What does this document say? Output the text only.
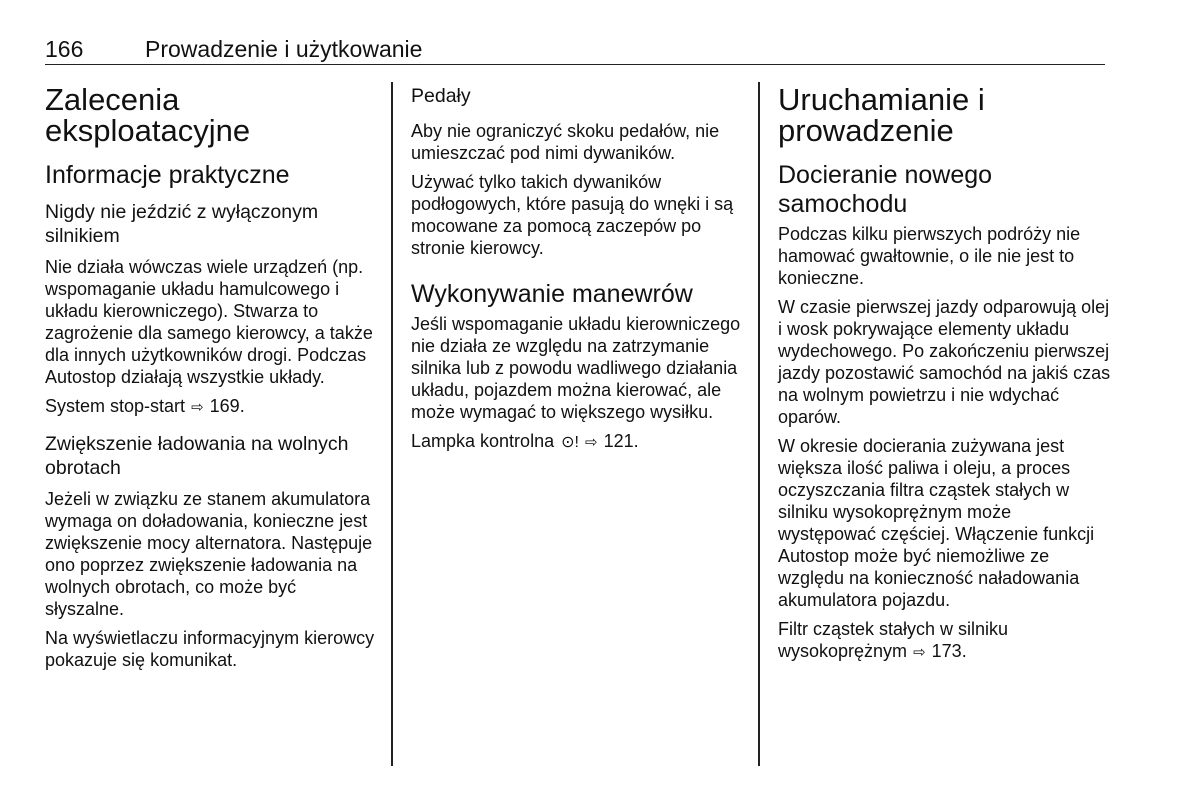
166	Prowadzenie i użytkowanie
Zalecenia eksploatacyjne
Informacje praktyczne
Nigdy nie jeździć z wyłączonym silnikiem

Nie działa wówczas wiele urządzeń (np. wspomaganie układu hamulcowego i układu kierowniczego). Stwarza to zagrożenie dla samego kierowcy, a także dla innych użytkowników drogi. Podczas Autostop działają wszystkie układy.

System stop-start ⇨ 169.

Zwiększenie ładowania na wolnych obrotach

Jeżeli w związku ze stanem akumulatora wymaga on doładowania, konieczne jest zwiększenie mocy alternatora. Następuje ono poprzez zwiększenie ładowania na wolnych obrotach, co może być słyszalne.

Na wyświetlaczu informacyjnym kierowcy pokazuje się komunikat.

Pedały

Aby nie ograniczyć skoku pedałów, nie umieszczać pod nimi dywaników.

Używać tylko takich dywaników podłogowych, które pasują do wnęki i są mocowane za pomocą zaczepów po stronie kierowcy.

Wykonywanie manewrów

Jeśli wspomaganie układu kierowniczego nie działa ze względu na zatrzymanie silnika lub z powodu wadliwego działania układu, pojazdem można kierować, ale może wymagać to większego wysiłku.

Lampka kontrolna ⊙! ⇨ 121.

Uruchamianie i prowadzenie
Docieranie nowego samochodu

Podczas kilku pierwszych podróży nie hamować gwałtownie, o ile nie jest to konieczne.

W czasie pierwszej jazdy odparowują olej i wosk pokrywające elementy układu wydechowego. Po zakończeniu pierwszej jazdy pozostawić samochód na jakiś czas na wolnym powietrzu i nie wdychać oparów.

W okresie docierania zużywana jest większa ilość paliwa i oleju, a proces oczyszczania filtra cząstek stałych w silniku wysokoprężnym może występować częściej. Włączenie funkcji Autostop może być niemożliwe ze względu na konieczność naładowania akumulatora pojazdu.

Filtr cząstek stałych w silniku wysokoprężnym ⇨ 173.
